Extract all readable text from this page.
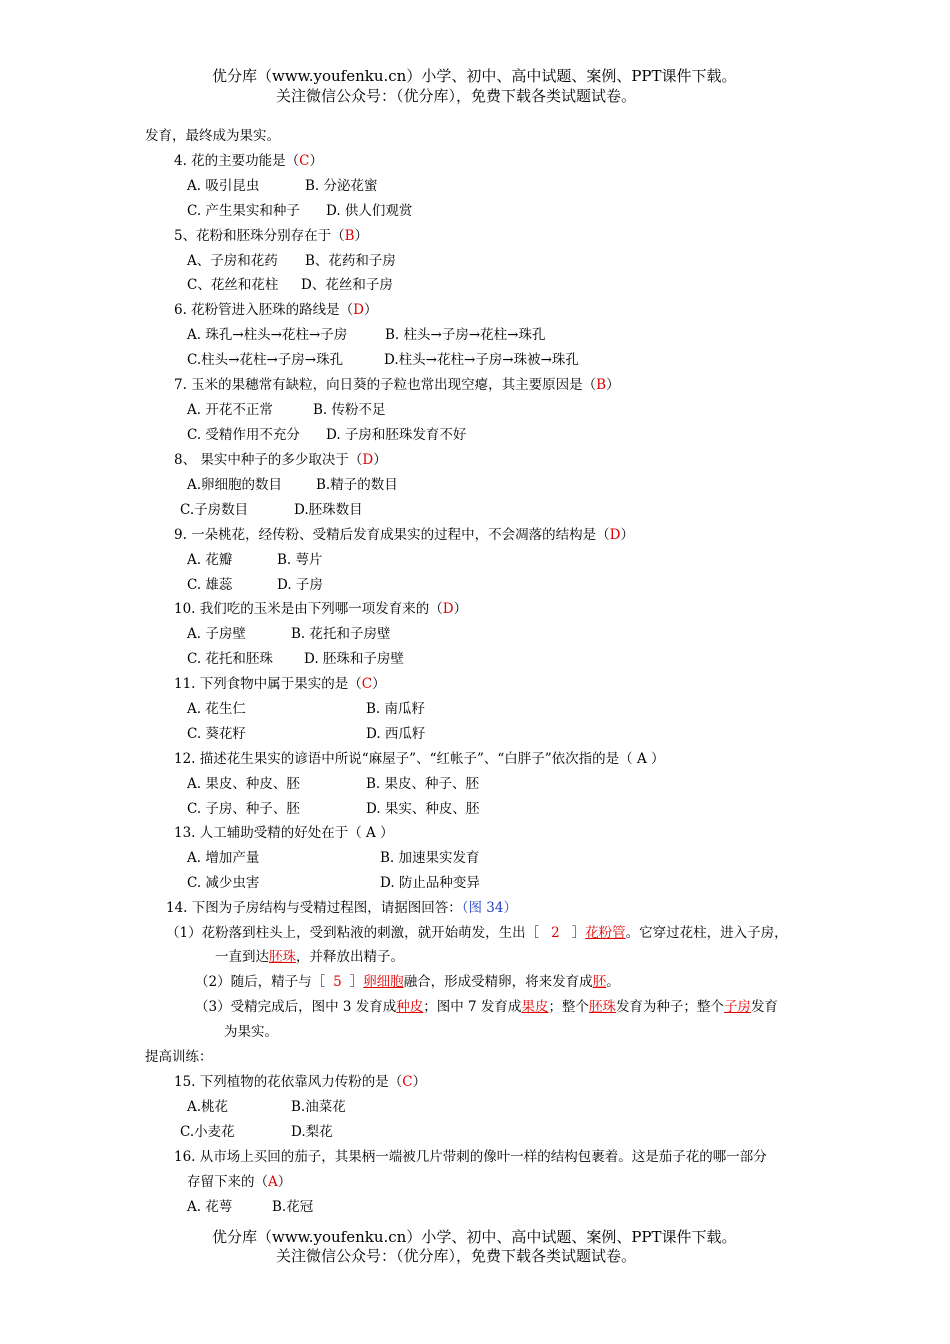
优分库（www.youfenku.cn）小学、初中、高中试题、案例、PPT课件下载。
关注微信公众号：（优分库），免费下载各类试题试卷。
发育，最终成为果实。
4. 花的主要功能是（C）
A. 吸引昆虫	B. 分泌花蜜
C. 产生果实和种子 D. 供人们观赏
5、花粉和胚珠分别存在于（B）
A、子房和花药 B、花药和子房
C、花丝和花柱 D、花丝和子房
6. 花粉管进入胚珠的路线是（D）
A. 珠孔→柱头→花柱→子房	B. 柱头→子房→花柱→珠孔
C.柱头→花柱→子房→珠孔	D.柱头→花柱→子房→珠被→珠孔
7. 玉米的果穗常有缺粒，向日葵的子粒也常出现空瘪，其主要原因是（B）
A. 开花不正常	B. 传粉不足
C. 受精作用不充分 D. 子房和胚珠发育不好
8、 果实中种子的多少取决于（D）
A.卵细胞的数目	B.精子的数目
C.子房数目	D.胚珠数目
9. 一朵桃花，经传粉、受精后发育成果实的过程中，不会凋落的结构是（D）
A. 花瓣	B. 萼片
C. 雄蕊	D. 子房
10. 我们吃的玉米是由下列哪一项发育来的（D）
A. 子房壁	B. 花托和子房壁
C. 花托和胚珠 D. 胚珠和子房壁
11. 下列食物中属于果实的是（C）
A. 花生仁	B. 南瓜籽
C. 葵花籽	D. 西瓜籽
12. 描述花生果实的谚语中所说“麻屋子”、“红帐子”、“白胖子”依次指的是（ A ）
A. 果皮、种皮、胚	B. 果皮、种子、胚
C. 子房、种子、胚	D. 果实、种皮、胚
13. 人工辅助受精的好处在于（ A ）
A. 增加产量	B. 加速果实发育
C. 减少虫害	D. 防止品种变异
14. 下图为子房结构与受精过程图，请据图回答：（图 34）
（1）花粉落到柱头上，受到粘液的刺激，就开始萌发，生出［ 2 ］花粉管。它穿过花柱，进入子房，
一直到达胚珠，并释放出精子。
（2）随后，精子与［ 5 ］卵细胞融合，形成受精卵，将来发育成胚。
（3）受精完成后，图中 3 发育成种皮；图中 7 发育成果皮；整个胚珠发育为种子；整个子房发育
为果实。
提高训练：
15. 下列植物的花依靠风力传粉的是（C）
A.桃花	B.油菜花
C.小麦花	D.梨花
16. 从市场上买回的茄子，其果柄一端被几片带刺的像叶一样的结构包裹着。这是茄子花的哪一部分
存留下来的（A）
A. 花萼	B.花冠
优分库（www.youfenku.cn）小学、初中、高中试题、案例、PPT课件下载。
关注微信公众号：（优分库），免费下载各类试题试卷。
